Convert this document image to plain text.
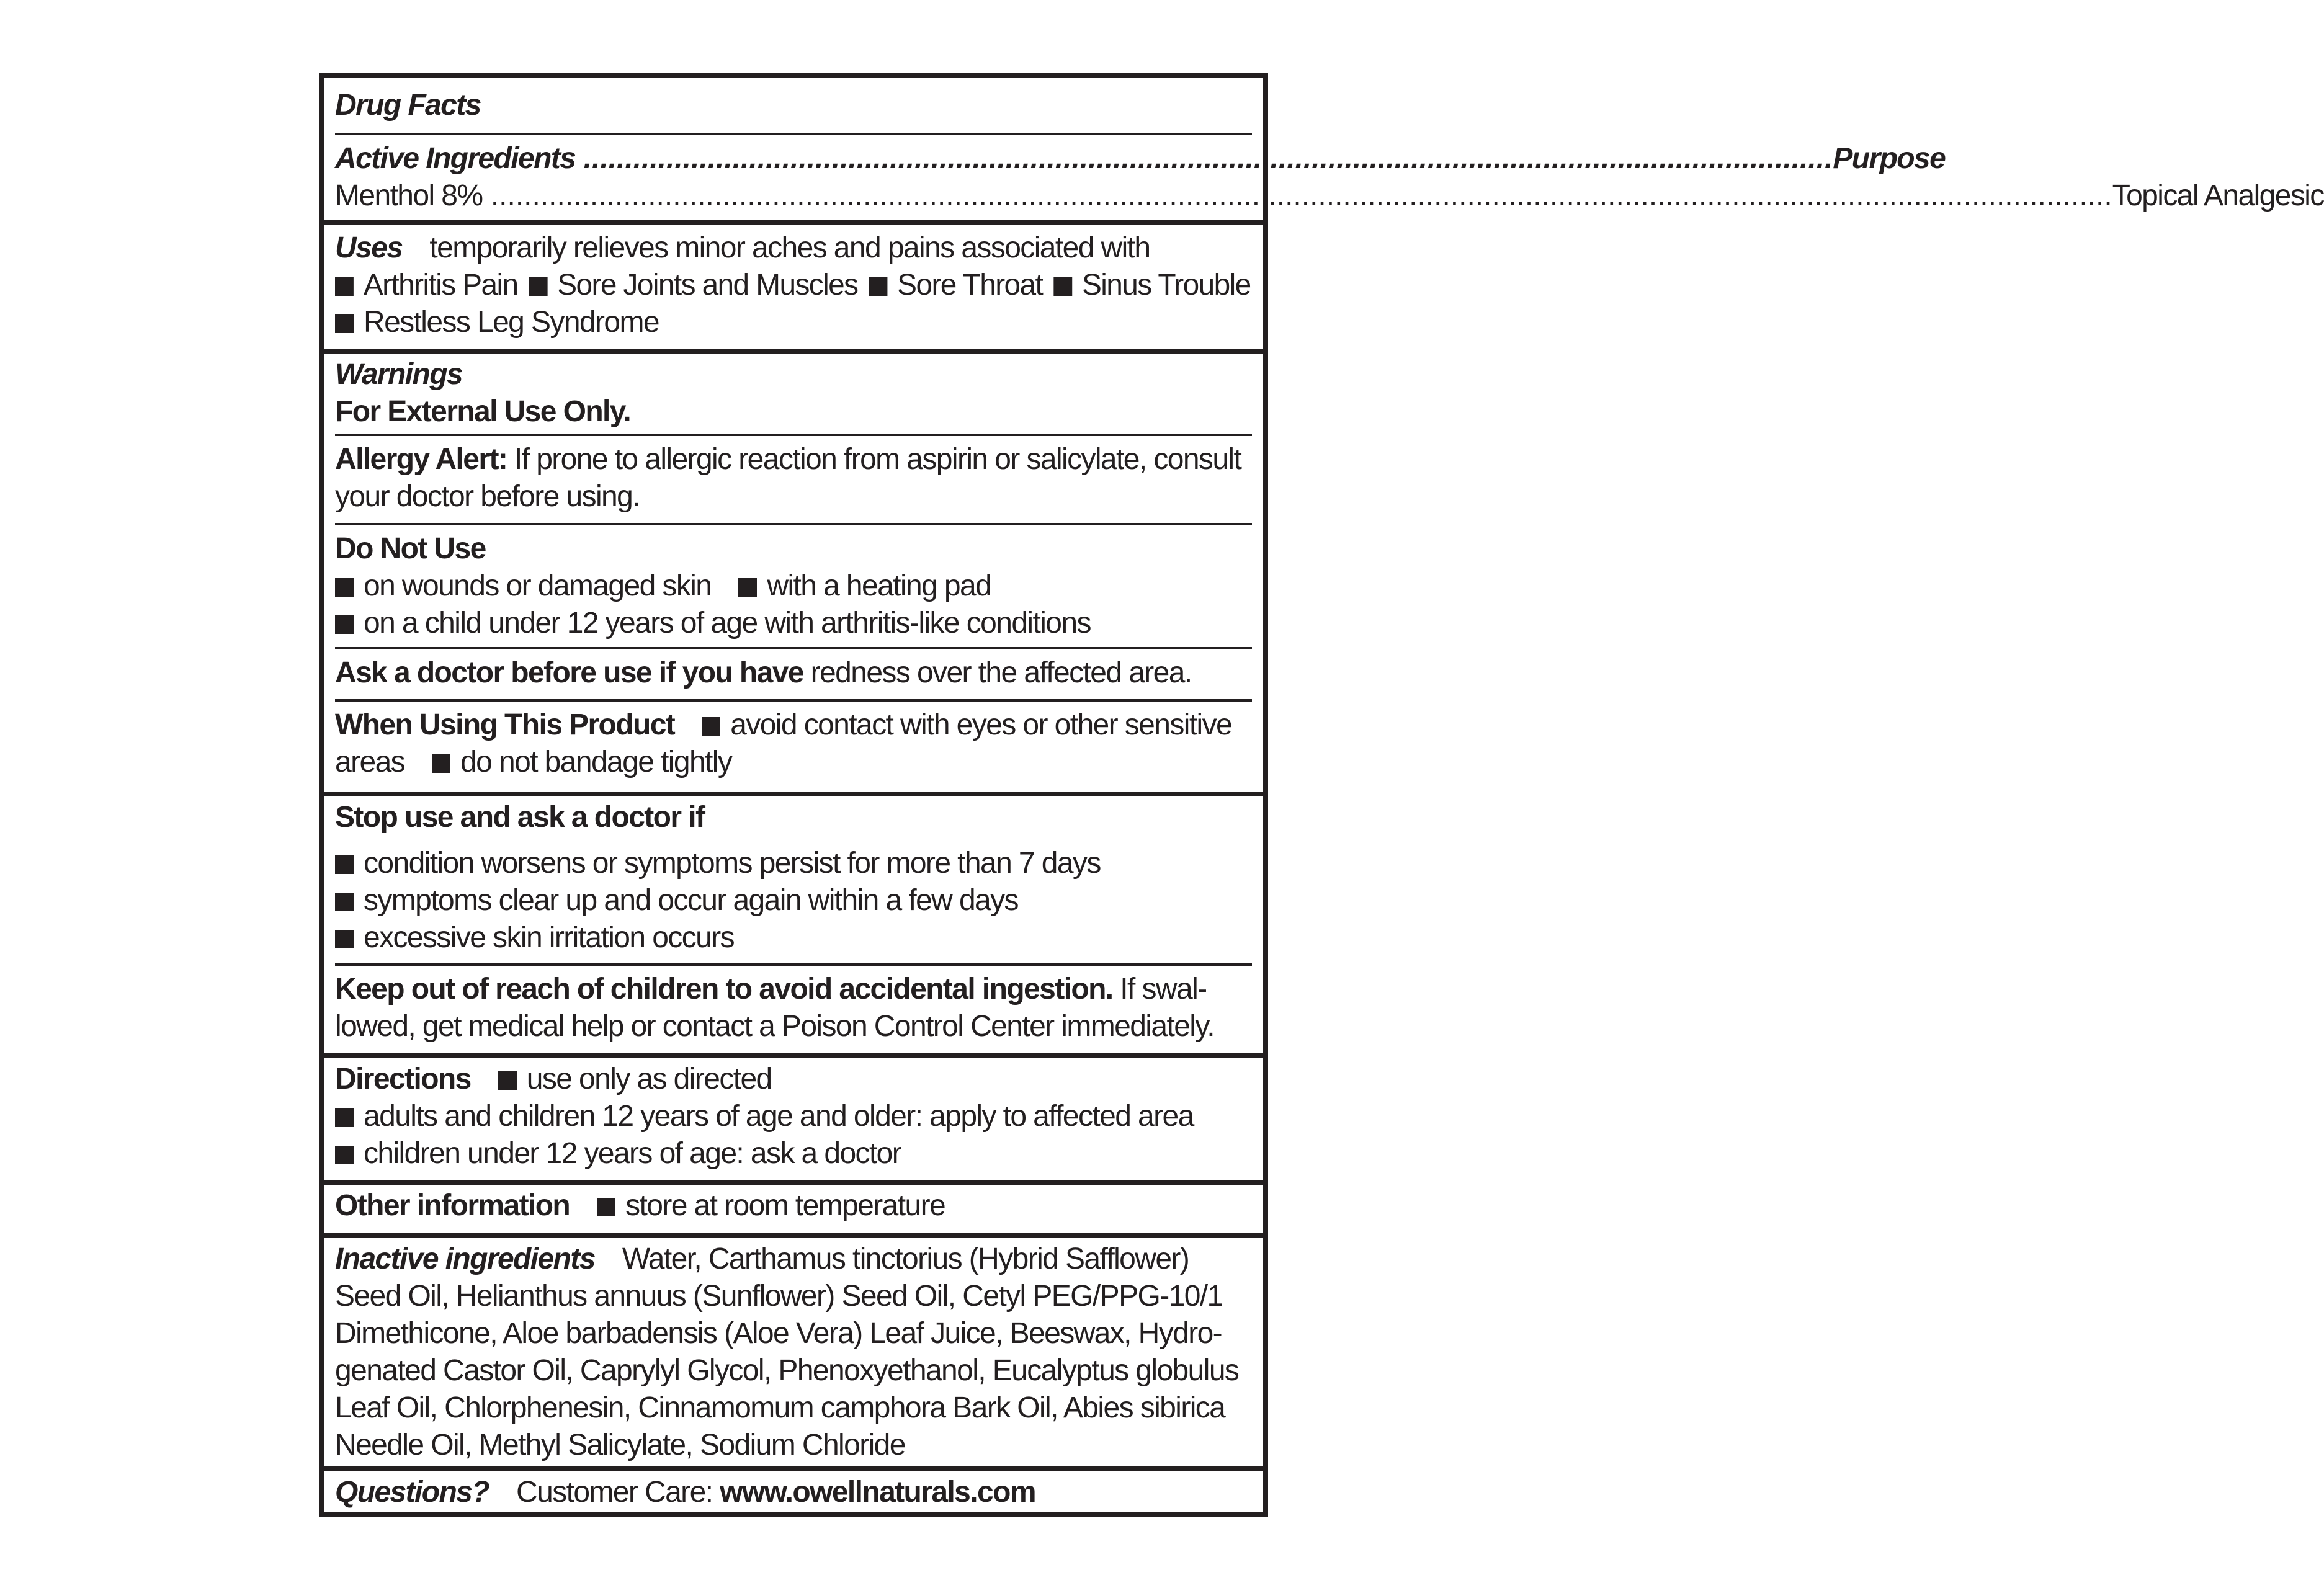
Drug Facts
Active Ingredients ....................................................................................................................................................... Purpose
Menthol 8% .................................................................................................................................................................................................... Topical Analgesic
Uses temporarily relieves minor aches and pains associated with
Arthritis Pain Sore Joints and Muscles Sore Throat Sinus Trouble
Restless Leg Syndrome
Warnings
For External Use Only.
Allergy Alert: If prone to allergic reaction from aspirin or salicylate, consult
your doctor before using.
Do Not Use
on wounds or damaged skin with a heating pad
on a child under 12 years of age with arthritis-like conditions
Ask a doctor before use if you have redness over the affected area.
When Using This Product avoid contact with eyes or other sensitive
areas do not bandage tightly
Stop use and ask a doctor if
condition worsens or symptoms persist for more than 7 days
symptoms clear up and occur again within a few days
excessive skin irritation occurs
Keep out of reach of children to avoid accidental ingestion. If swal-
lowed, get medical help or contact a Poison Control Center immediately.
Directions use only as directed
adults and children 12 years of age and older: apply to affected area
children under 12 years of age: ask a doctor
Other information store at room temperature
Inactive ingredients Water, Carthamus tinctorius (Hybrid Safflower)
Seed Oil, Helianthus annuus (Sunflower) Seed Oil, Cetyl PEG/PPG-10/1
Dimethicone, Aloe barbadensis (Aloe Vera) Leaf Juice, Beeswax, Hydro-
genated Castor Oil, Caprylyl Glycol, Phenoxyethanol, Eucalyptus globulus
Leaf Oil, Chlorphenesin, Cinnamomum camphora Bark Oil, Abies sibirica
Needle Oil, Methyl Salicylate, Sodium Chloride
Questions? Customer Care: www.owellnaturals.com
